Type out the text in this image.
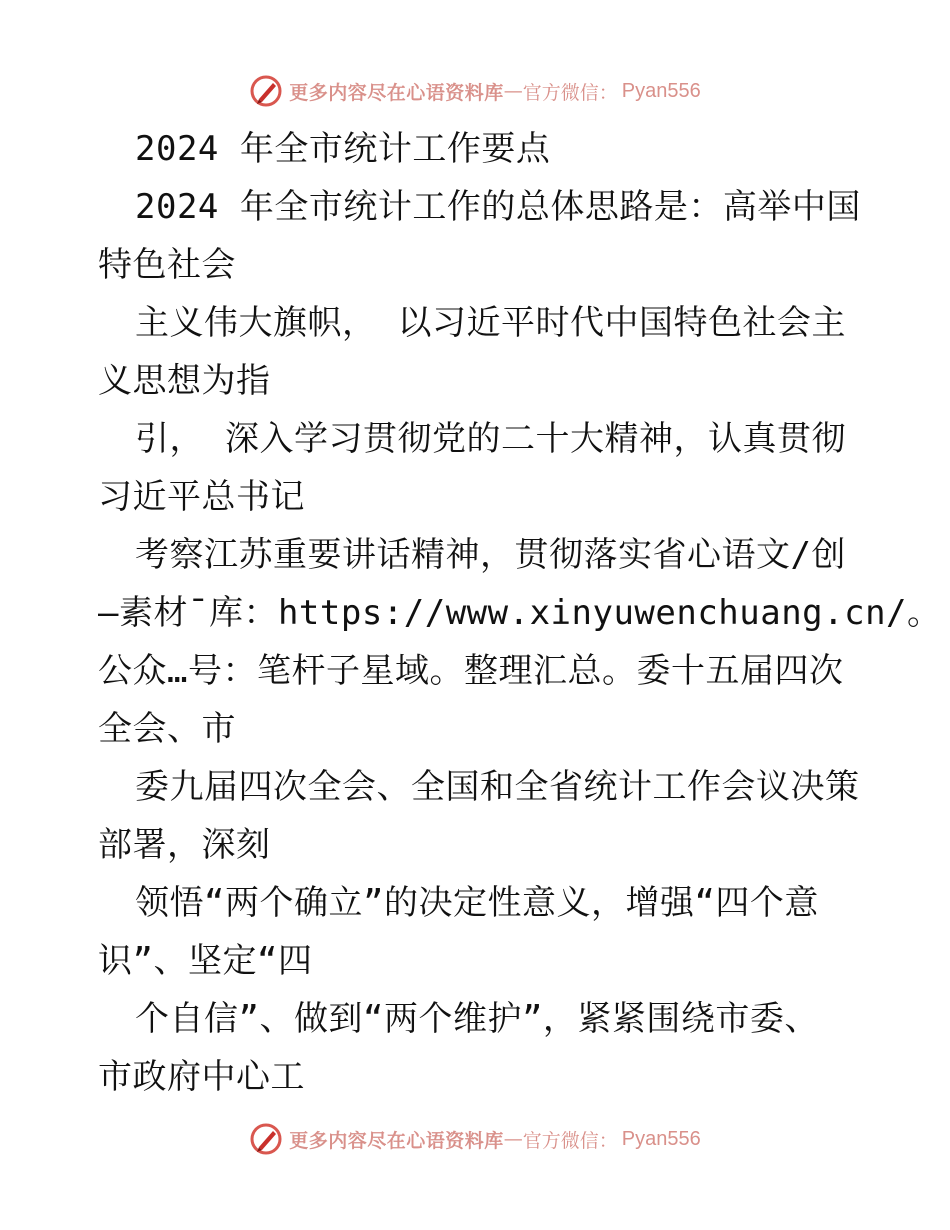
更多内容尽在心语资料库 — 官方微信： Pyan556
2024 年全市统计工作要点
2024 年全市统计工作的总体思路是：高举中国
特色社会
主义伟大旗帜， 以习近平时代中国特色社会主
义思想为指
引， 深入学习贯彻党的二十大精神，认真贯彻
习近平总书记
考察江苏重要讲话精神，贯彻落实省心语文/创
—素材¯库：https://www.xinyuwenchuang.cn/。
公众…号：笔杆子星域。整理汇总。委十五届四次
全会、市
委九届四次全会、全国和全省统计工作会议决策
部署，深刻
领悟“两个确立”的决定性意义，增强“四个意
识”、坚定“四
个自信”、做到“两个维护”，紧紧围绕市委、
市政府中心工
更多内容尽在心语资料库 — 官方微信： Pyan556
